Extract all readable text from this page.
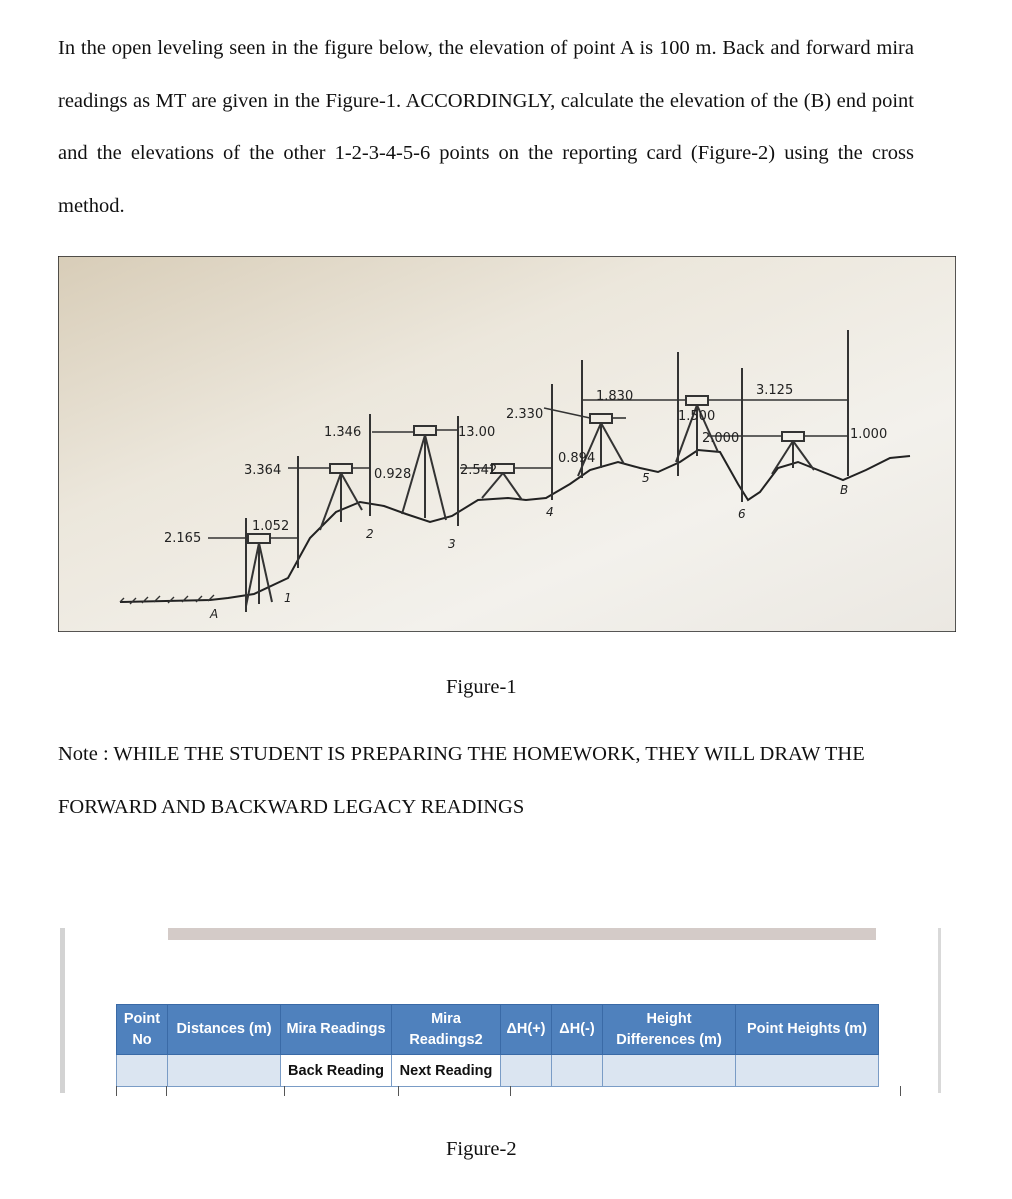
In the open leveling seen in the figure below, the elevation of point A is 100 m. Back and forward mira readings as MT are given in the Figure-1. ACCORDINGLY, calculate the elevation of the (B) end point and the elevations of the other 1-2-3-4-5-6 points on the reporting card (Figure-2) using the cross method.

2.165
1.052
3.364	0.928
1.346	13.00
2.542
2.330
0.894
1.830
1.500
2.000
3.125
1.000
A
1
2
3
4
5
6
B
Figure-1

Note : WHILE THE STUDENT IS PREPARING THE HOMEWORK, THEY WILL DRAW THE FORWARD AND BACKWARD LEGACY READINGS

Point No	Distances (m)	Mira Readings	Mira Readings2	ΔH(+)	ΔH(-)	Height Differences (m)	Point Heights (m)
		Back Reading	Next Reading				
Figure-2
